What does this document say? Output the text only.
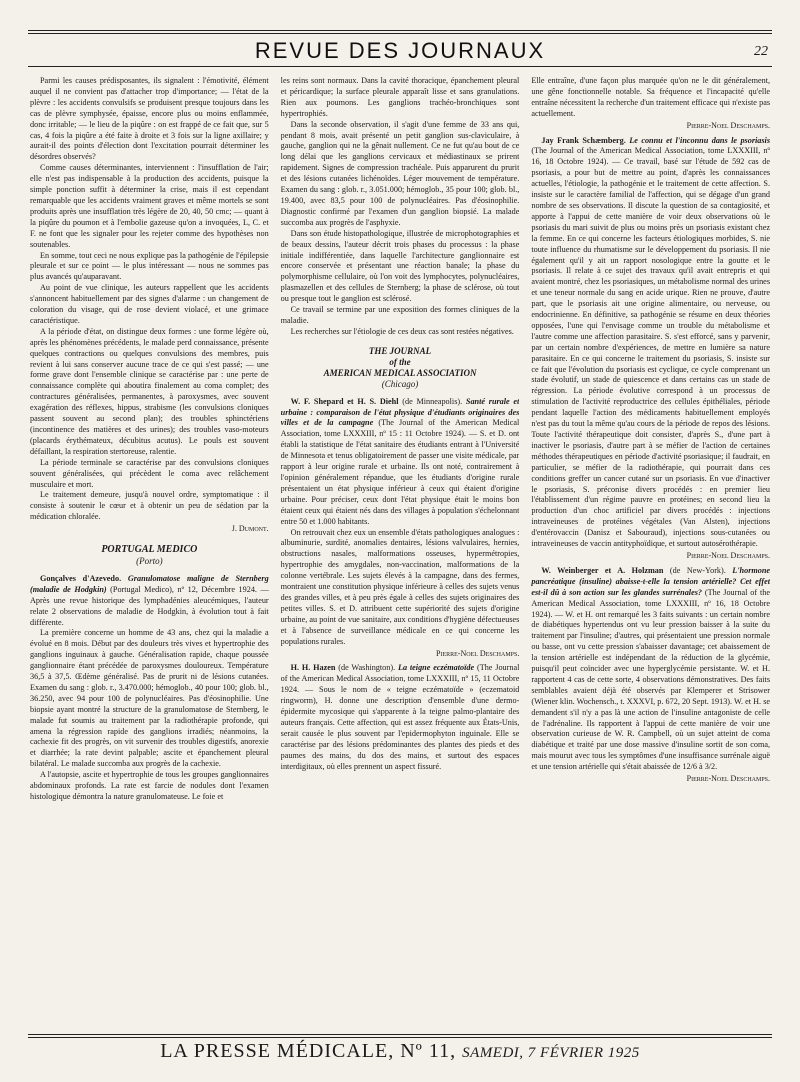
REVUE DES JOURNAUX	22

Parmi les causes prédisposantes, ils signalent : l'émotivité, élément auquel il ne convient pas d'attacher trop d'importance; — l'état de la plèvre : les accidents convulsifs se produisent presque toujours dans les cas de plèvre symphysée, épaisse, encore plus ou moins enflammée, donc irritable; — le lieu de la piqûre : on est frappé de ce fait que, sur 5 cas, 4 fois la piqûre a été faite à droite et 3 fois sur la ligne axillaire; y aurait-il des points d'élection dont l'excitation pourrait déterminer les désordres observés?

Comme causes déterminantes, interviennent : l'insufflation de l'air; elle n'est pas indispensable à la production des accidents, puisque la simple ponction suffit à déterminer la crise, mais il est cependant remarquable que les accidents vraiment graves et même mortels se sont produits après une insufflation très légère de 20, 40, 50 cmc; — quant à la piqûre du poumon et à l'embolie gazeuse qu'on a invoquées, L, C. et F. ne font que les signaler pour les rejeter comme des hypothèses non soutenables.

En somme, tout ceci ne nous explique pas la pathogénie de l'épilepsie pleurale et sur ce point — le plus intéressant — nous ne sommes pas plus avancés qu'auparavant.

Au point de vue clinique, les auteurs rappellent que les accidents s'annoncent habituellement par des signes d'alarme : un changement de coloration du visage, qui de rose devient violacé, et une grimace caractéristique.

A la période d'état, on distingue deux formes : une forme légère où, après les phénomènes précédents, le malade perd connaissance, présente quelques contractions ou quelques convulsions des membres, puis revient à lui sans conserver aucune trace de ce qui s'est passé; — une forme grave dont l'ensemble clinique se caractérise par : une perte de connaissance complète qui aboutira finalement au coma complet; des contractures généralisées, permanentes, à paroxysmes, avec souvent exagération des réflexes, hippus, strabisme (les convulsions cloniques passent souvent au second plan); des troubles sphinctériens (incontinence des matières et des urines); des troubles vaso-moteurs (placards érythémateux, décubitus acutus). Le pouls est souvent défaillant, la respiration stertoreuse, ralentie.

La période terminale se caractérise par des convulsions cloniques souvent généralisées, qui précèdent le coma avec relâchement musculaire et mort.

Le traitement demeure, jusqu'à nouvel ordre, symptomatique : il consiste à soutenir le cœur et à obtenir un peu de sédation par la médication chloralée.

J. Dumont.
PORTUGAL MEDICO
(Porto)

Gonçalves d'Azevedo. Granulomatose maligne de Sternberg (maladie de Hodgkin) (Portugal Medico), nº 12, Décembre 1924. — Après une revue historique des lymphadénies aleucémiques, l'auteur relate 2 observations de maladie de Hodgkin, à évolution tout à fait différente.

La première concerne un homme de 43 ans, chez qui la maladie a évolué en 8 mois. Début par des douleurs très vives et hypertrophie des ganglions inguinaux à gauche. Généralisation rapide, chaque poussée ganglionnaire étant précédée de paroxysmes douloureux. Température 36,5 à 37,5. Œdème généralisé. Pas de prurit ni de lésions cutanées. Examen du sang : glob. r., 3.470.000; hémoglob., 40 pour 100; glob. bl., 36.250, avec 94 pour 100 de polynucléaires. Pas d'éosinophilie. Une biopsie ayant montré la structure de la granulomatose de Sternberg, le malade fut soumis au traitement par la radiothérapie profonde, qui amena la régression rapide des ganglions irradiés; néanmoins, la cachexie fit des progrès, on vit survenir des troubles digestifs, anorexie et diarrhée; la rate devint palpable; ascite et épanchement pleural bilatéral. Le malade succomba aux progrès de la cachexie.

A l'autopsie, ascite et hypertrophie de tous les groupes ganglionnaires abdominaux profonds. La rate est farcie de nodules dont l'examen histologique démontra la nature granulomateuse. Le foie et

les reins sont normaux. Dans la cavité thoracique, épanchement pleural et péricardique; la surface pleurale apparaît lisse et sans granulations. Rien aux poumons. Les ganglions trachéo-bronchiques sont hypertrophiés.

Dans la seconde observation, il s'agit d'une femme de 33 ans qui, pendant 8 mois, avait présenté un petit ganglion sus-claviculaire, à gauche, ganglion qui ne la gênait nullement. Ce ne fut qu'au bout de ce long délai que les ganglions cervicaux et médiastinaux se prirent rapidement. Signes de compression trachéale. Puis apparurent du prurit et des lésions cutanées lichénoïdes. Léger mouvement de température. Examen du sang : glob. r., 3.051.000; hémoglob., 35 pour 100; glob. bl., 19.400, avec 83,5 pour 100 de polynucléaires. Pas d'éosinophilie. Diagnostic confirmé par l'examen d'un ganglion biopsié. La malade succomba aux progrès de l'asphyxie.

Dans son étude histopathologique, illustrée de microphotographies et de beaux dessins, l'auteur décrit trois phases du processus : la phase initiale indifférentiée, dans laquelle l'architecture ganglionnaire est encore conservée et présentant une réaction banale; la phase du polymorphisme cellulaire, où l'on voit des lymphocytes, polynucléaires, plasmazellen et des cellules de Sternberg; la phase de sclérose, où tout ou presque tout le ganglion est sclérosé.

Ce travail se termine par une exposition des formes cliniques de la maladie.

Les recherches sur l'étiologie de ces deux cas sont restées négatives.

THE JOURNAL
of the
AMERICAN MEDICAL ASSOCIATION
(Chicago)

W. F. Shepard et H. S. Diehl (de Minneapolis). Santé rurale et urbaine : comparaison de l'état physique d'étudiants originaires des villes et de la campagne (The Journal of the American Medical Association, tome LXXXIII, nº 15 : 11 Octobre 1924). — S. et D. ont établi la statistique de l'état sanitaire des étudiants entrant à l'Université de Minnesota et tenus obligatoirement de passer une visite médicale, par rapport à leur origine rurale et urbaine. Ils ont noté, contrairement à l'opinion généralement répandue, que les étudiants d'origine rurale présentaient un état physique inférieur à ceux qui étaient d'origine urbaine. Pour préciser, ceux dont l'état physique était le moins bon étaient ceux qui étaient nés dans des villages à population s'échelonnant entre 50 et 1.000 habitants.

On retrouvait chez eux un ensemble d'états pathologiques analogues : albuminurie, surdité, anomalies dentaires, lésions valvulaires, hernies, obstructions nasales, malformations osseuses, hypermétropies, hypertrophie des amygdales, non-vaccination, malformations de la colonne vertébrale. Les sujets élevés à la campagne, dans des fermes, montraient une constitution physique inférieure à celles des sujets venus des grandes villes, et à peu près égale à celles des sujets originaires des petites villes. S. et D. attribuent cette supériorité des sujets d'origine urbaine, au point de vue sanitaire, aux conditions d'hygiène défectueuses et à l'absence de surveillance médicale en ce qui concerne les populations rurales.

Pierre-Noel Deschamps.

H. H. Hazen (de Washington). La teigne eczématoïde (The Journal of the American Medical Association, tome LXXXIII, nº 15, 11 Octobre 1924. — Sous le nom de « teigne eczématoïde » (eczematoid ringworm), H. donne une description d'ensemble d'une dermo-épidermite mycosique qui s'apparente à la teigne palmo-plantaire des auteurs français. Cette affection, qui est assez fréquente aux États-Unis, serait causée le plus souvent par l'epidermophyton inguinale. Elle se caractérise par des lésions prédominantes des plantes des pieds et des paumes des mains, du dos des mains, et surtout des espaces interdigitaux, où elles prennent un aspect fissuré.

Elle entraîne, d'une façon plus marquée qu'on ne le dit généralement, une gêne fonctionnelle notable. Sa fréquence et l'incapacité qu'elle entraîne nécessitent la recherche d'un traitement efficace qui n'existe pas actuellement.

Pierre-Noel Deschamps.

Jay Frank Schæmberg. Le connu et l'inconnu dans le psoriasis (The Journal of the American Medical Association, tome LXXXIII, nº 16, 18 Octobre 1924). — Ce travail, basé sur l'étude de 592 cas de psoriasis, a pour but de mettre au point, d'après les connaissances actuelles, l'étiologie, la pathogénie et le traitement de cette affection. S. insiste sur le caractère familial de l'affection, qui se dégage d'un grand nombre de ses observations. Il discute la question de sa contagiosité, et apporte à l'appui de cette manière de voir deux observations où le psoriasis du mari suivit de plus ou moins près un psoriasis existant chez la femme. En ce qui concerne les facteurs étiologiques morbides, S. nie toute influence du rhumatisme sur le développement du psoriasis. Il nie également qu'il y ait un rapport nosologique entre la goutte et le psoriasis. Il relate à ce sujet des travaux qu'il avait entrepris et qui avaient montré, chez les psoriasiques, un métabolisme normal des urines et une teneur normale du sang en acide urique. Rien ne prouve, d'autre part, que le psoriasis ait une origine alimentaire, ou nerveuse, ou endocrinienne. En définitive, sa pathogénie se résume en deux théories opposées, l'une qui l'envisage comme un trouble du métabolisme et l'autre comme une affection parasitaire. S. s'est efforcé, sans y parvenir, par un certain nombre d'expériences, de mettre en lumière sa nature parasitaire. En ce qui concerne le traitement du psoriasis, S. insiste sur ce fait que l'évolution du psoriasis est cyclique, ce cycle comprenant un stade évolutif, un stade de quiescence et dans certains cas un stade de régression. La période évolutive correspond à un processus de stimulation de l'activité reproductrice des cellules épithéliales, période pendant laquelle l'action des médicaments habituellement employés n'est pas du tout la même qu'au cours de la période de repos des lésions. Toute l'activité thérapeutique doit consister, d'après S., d'une part à inactiver le psoriasis, d'autre part à se méfier de l'action de certaines méthodes thérapeutiques en période d'activité psoriasique; il faudrait, en particulier, se méfier de la radiothérapie, qui pourrait dans ces conditions greffer un cancer cutané sur un psoriasis. En vue d'inactiver le psoriasis, S. préconise divers procédés : en premier lieu l'établissement d'un régime pauvre en protéines; en second lieu la production d'un choc artificiel par divers procédés : injections intraveineuses de protéines végétales (Van Alsten), injections d'entérovaccin (Danisz et Sabouraud), injections sous-cutanées ou intraveineuses de vaccin antityphoïdique, et surtout autosérothérapie.

Pierre-Noel Deschamps.

W. Weinberger et A. Holzman (de New-York). L'hormone pancréatique (insuline) abaisse-t-elle la tension artérielle? Cet effet est-il dû à son action sur les glandes surrénales? (The Journal of the American Medical Association, tome LXXXIII, nº 16, 18 Octobre 1924). — W. et H. ont remarqué les 3 faits suivants : un certain nombre de diabétiques hypertendus ont vu leur pression baisser à la suite du traitement par l'insuline; d'autres, qui présentaient une pression normale ou basse, ont vu cette pression s'abaisser davantage; cet abaissement de la tension artérielle est indépendant de la réduction de la glycémie, puisqu'il peut coïncider avec une hyperglycémie persistante. W. et H. rapportent 4 cas de cette sorte, 4 observations démonstratives. Des faits semblables avaient déjà été observés par Klemperer et Strisower (Wiener klin. Wochensch., t. XXXVI, p. 672, 20 Sept. 1913). W. et H. se demandent s'il n'y a pas là une action de l'insuline antagoniste de celle de l'adrénaline. Ils rapportent à l'appui de cette manière de voir une observation curieuse de W. R. Campbell, où un sujet atteint de coma diabétique et traité par une dose massive d'insuline sortit de son coma, mais mourut avec tous les symptômes d'une insuffisance surrénale aiguë et une tension artérielle qui s'était abaissée de 12/6 à 3/2.

Pierre-Noel Deschamps.
LA PRESSE MÉDICALE, Nº 11, SAMEDI, 7 FÉVRIER 1925
